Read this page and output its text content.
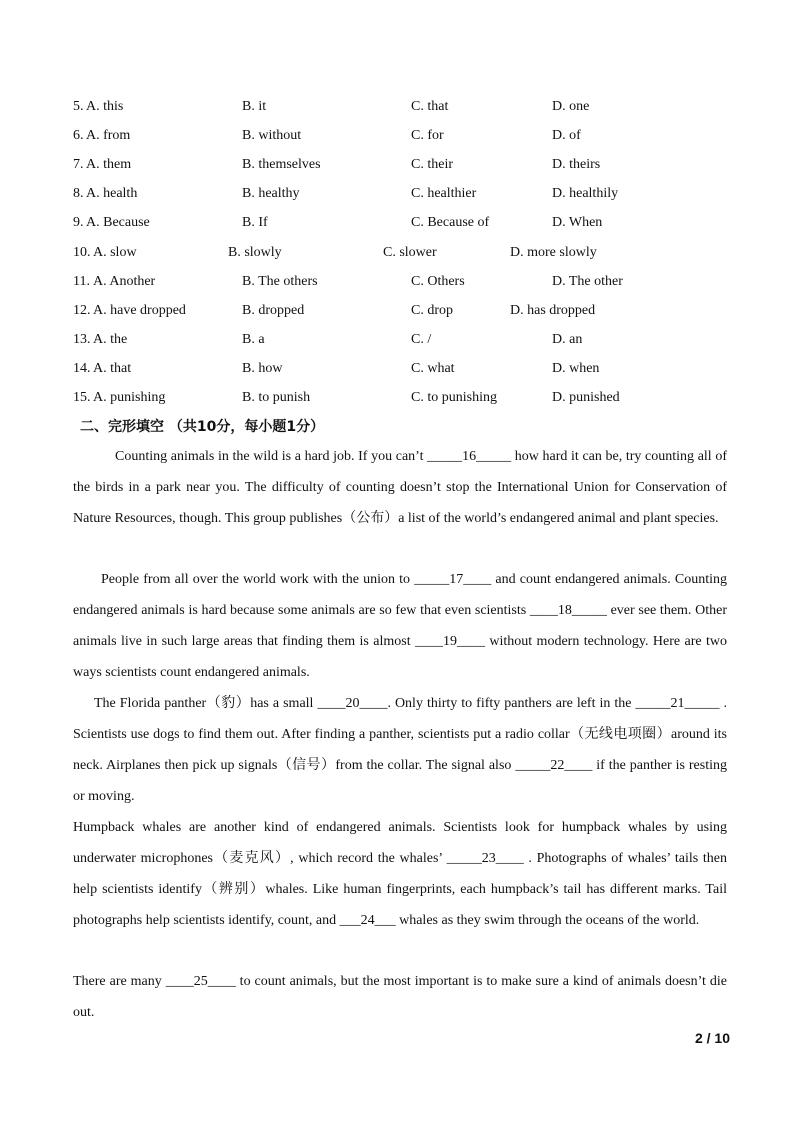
5. A. this	B. it	C. that	D. one
6. A. from	B. without	C. for	D. of
7. A. them	B. themselves	C. their	D. theirs
8. A. health	B. healthy	C. healthier	D. healthily
9. A. Because	B. If	C. Because of	D. When
10. A. slow	B. slowly	C. slower	D. more slowly
11. A. Another	B. The others	C. Others	D. The other
12. A. have dropped	B. dropped	C. drop	D. has dropped
13. A. the	B. a	C. /	D. an
14. A. that	B. how	C. what	D. when
15. A. punishing	B. to punish	C. to punishing	D. punished
二、完形填空 （共10分，每小题1分）

Counting animals in the wild is a hard job. If you can’t _____16_____ how hard it can be, try counting all of the birds in a park near you. The difficulty of counting doesn’t stop the International Union for Conservation of Nature Resources, though. This group publishes（公布）a list of the world’s endangered animal and plant species.

People from all over the world work with the union to _____17____ and count endangered animals. Counting endangered animals is hard because some animals are so few that even scientists ____18_____ ever see them. Other animals live in such large areas that finding them is almost ____19____ without modern technology. Here are two ways scientists count endangered animals.

The Florida panther（豹）has a small ____20____. Only thirty to fifty panthers are left in the _____21_____ . Scientists use dogs to find them out. After finding a panther, scientists put a radio collar（无线电项圈）around its neck. Airplanes then pick up signals（信号）from the collar. The signal also _____22____ if the panther is resting or moving.

Humpback whales are another kind of endangered animals. Scientists look for humpback whales by using underwater microphones（麦克风）, which record the whales’ _____23____ . Photographs of whales’ tails then help scientists identify（辨别）whales. Like human fingerprints, each humpback’s tail has different marks. Tail photographs help scientists identify, count, and ___24___ whales as they swim through the oceans of the world.

There are many ____25____ to count animals, but the most important is to make sure a kind of animals doesn’t die out.

2 / 10
